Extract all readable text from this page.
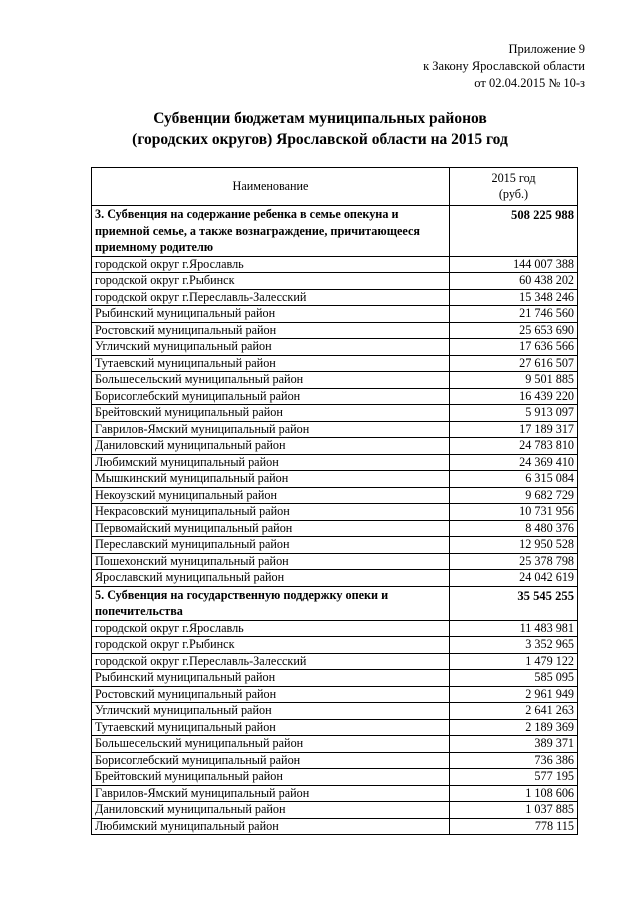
Приложение 9
к Закону Ярославской области
от 02.04.2015 № 10-з
Субвенции бюджетам муниципальных районов
(городских округов) Ярославской области на 2015 год
Наименование	2015 год
(руб.)

3. Субвенция на содержание ребенка в семье опекуна и приемной семье, а также вознаграждение, причитающееся приемному родителю	508 225 988
городской округ г.Ярославль	144 007 388
городской округ г.Рыбинск	60 438 202
городской округ г.Переславль-Залесский	15 348 246
Рыбинский муниципальный район	21 746 560
Ростовский муниципальный район	25 653 690
Угличский муниципальный район	17 636 566
Тутаевский муниципальный район	27 616 507
Большесельский муниципальный район	9 501 885
Борисоглебский муниципальный район	16 439 220
Брейтовский муниципальный район	5 913 097
Гаврилов-Ямский муниципальный район	17 189 317
Даниловский муниципальный район	24 783 810
Любимский муниципальный район	24 369 410
Мышкинский муниципальный район	6 315 084
Некоузский муниципальный район	9 682 729
Некрасовский муниципальный район	10 731 956
Первомайский муниципальный район	8 480 376
Переславский муниципальный район	12 950 528
Пошехонский муниципальный район	25 378 798
Ярославский муниципальный район	24 042 619
5. Субвенция на государственную поддержку опеки и попечительства	35 545 255
городской округ г.Ярославль	11 483 981
городской округ г.Рыбинск	3 352 965
городской округ г.Переславль-Залесский	1 479 122
Рыбинский муниципальный район	585 095
Ростовский муниципальный район	2 961 949
Угличский муниципальный район	2 641 263
Тутаевский муниципальный район	2 189 369
Большесельский муниципальный район	389 371
Борисоглебский муниципальный район	736 386
Брейтовский муниципальный район	577 195
Гаврилов-Ямский муниципальный район	1 108 606
Даниловский муниципальный район	1 037 885
Любимский муниципальный район	778 115
